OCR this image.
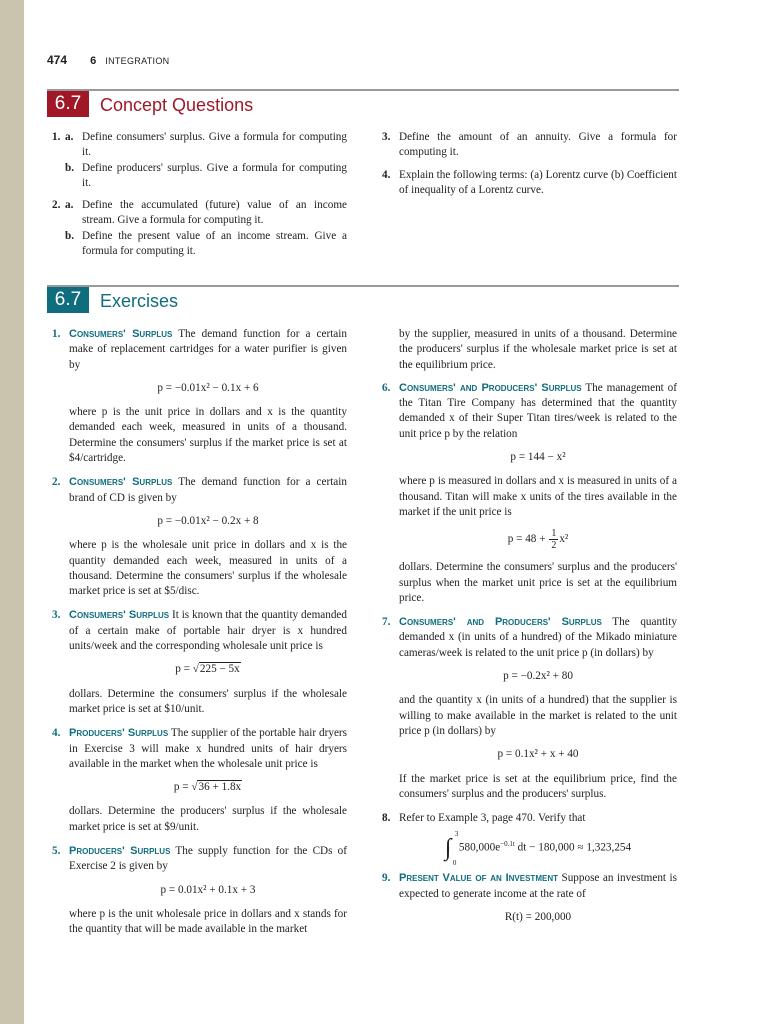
474 6 INTEGRATION
6.7	Concept Questions
1. a. Define consumers' surplus. Give a formula for computing it.
b. Define producers' surplus. Give a formula for computing it.
2. a. Define the accumulated (future) value of an income stream. Give a formula for computing it.
b. Define the present value of an income stream. Give a formula for computing it.
3. Define the amount of an annuity. Give a formula for computing it.
4. Explain the following terms: (a) Lorentz curve (b) Coefficient of inequality of a Lorentz curve.
6.7	Exercises
1. Consumers' Surplus The demand function for a certain make of replacement cartridges for a water purifier is given by
p = −0.01x² − 0.1x + 6

where p is the unit price in dollars and x is the quantity demanded each week, measured in units of a thousand. Determine the consumers' surplus if the market price is set at $4/cartridge.

2. Consumers' Surplus The demand function for a certain brand of CD is given by
p = −0.01x² − 0.2x + 8

where p is the wholesale unit price in dollars and x is the quantity demanded each week, measured in units of a thousand. Determine the consumers' surplus if the wholesale market price is set at $5/disc.

3. Consumers' Surplus It is known that the quantity demanded of a certain make of portable hair dryer is x hundred units/week and the corresponding wholesale unit price is
p = √225 − 5x

dollars. Determine the consumers' surplus if the wholesale market price is set at $10/unit.

4. Producers' Surplus The supplier of the portable hair dryers in Exercise 3 will make x hundred units of hair dryers available in the market when the wholesale unit price is
p = √36 + 1.8x

dollars. Determine the producers' surplus if the wholesale market price is set at $9/unit.

5. Producers' Surplus The supply function for the CDs of Exercise 2 is given by
p = 0.01x² + 0.1x + 3

where p is the unit wholesale price in dollars and x stands for the quantity that will be made available in the market

by the supplier, measured in units of a thousand. Determine the producers' surplus if the wholesale market price is set at the equilibrium price.

6. Consumers' and Producers' Surplus The management of the Titan Tire Company has determined that the quantity demanded x of their Super Titan tires/week is related to the unit price p by the relation
p = 144 − x²

where p is measured in dollars and x is measured in units of a thousand. Titan will make x units of the tires available in the market if the unit price is

$p = 48 + \frac{1}{2} x^2$

dollars. Determine the consumers' surplus and the producers' surplus when the market unit price is set at the equilibrium price.

7. Consumers' and Producers' Surplus The quantity demanded x (in units of a hundred) of the Mikado miniature cameras/week is related to the unit price p (in dollars) by
p = −0.2x² + 80

and the quantity x (in units of a hundred) that the supplier is willing to make available in the market is related to the unit price p (in dollars) by

p = 0.1x² + x + 40

If the market price is set at the equilibrium price, find the consumers' surplus and the producers' surplus.

8. Refer to Example 3, page 470. Verify that
∫
3
0
$580,000e^{-0.1t}$ dt − 180,000 ≈ 1,323,254
9. Present Value of an Investment Suppose an investment is expected to generate income at the rate of
R(t) = 200,000
